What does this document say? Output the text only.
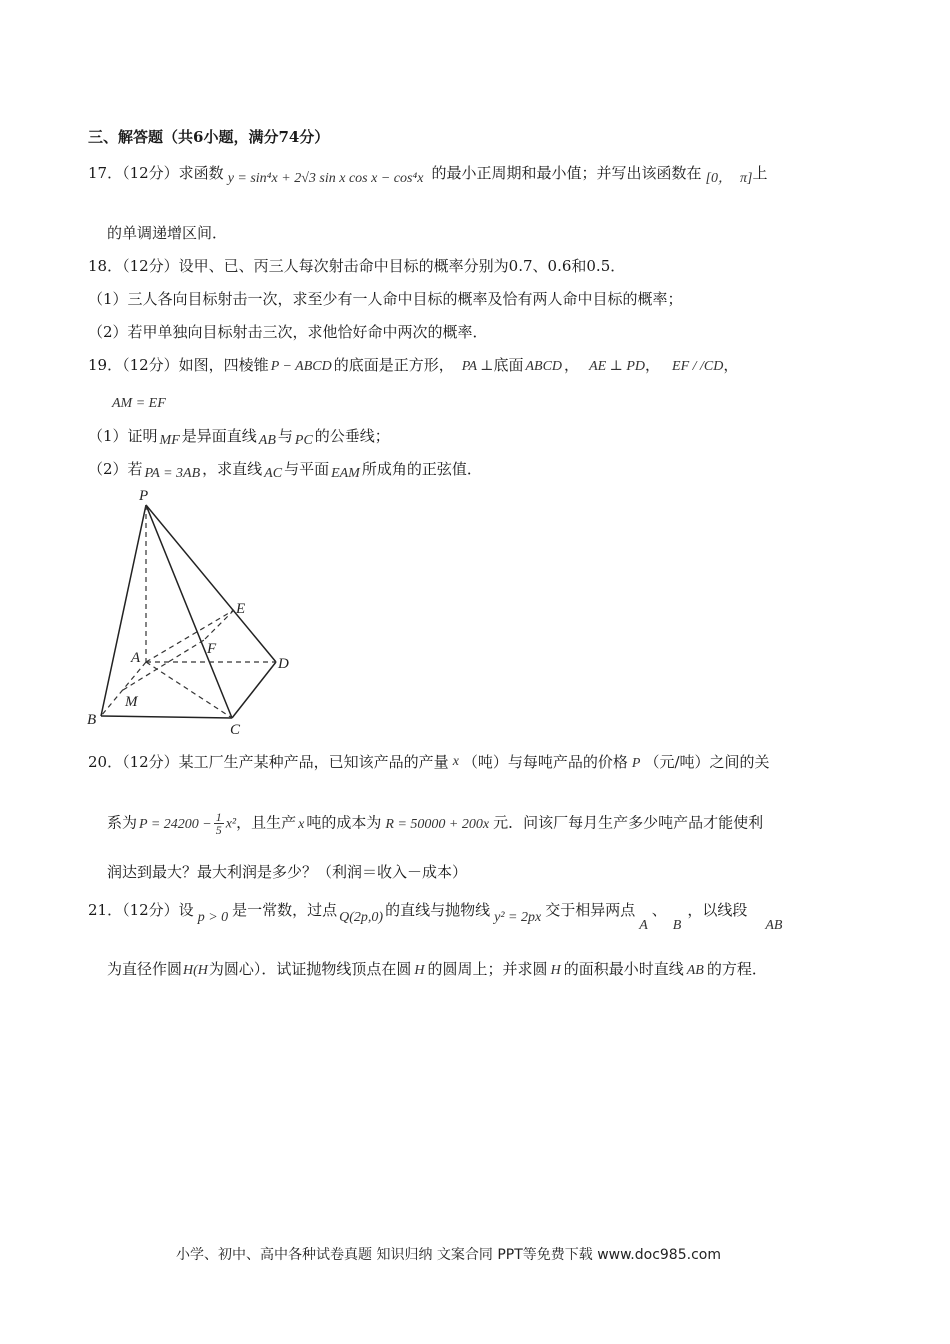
三、解答题（共6小题，满分74分）
17．（12分）求函数 y = sin⁴x + 2√3 sin x cos x − cos⁴x 的最小正周期和最小值；并写出该函数在 [0， π]上
的单调递增区间．
18．（12分）设甲、已、丙三人每次射击命中目标的概率分别为0.7、0.6和0.5．
（1）三人各向目标射击一次，求至少有一人命中目标的概率及恰有两人命中目标的概率；
（2）若甲单独向目标射击三次，求他恰好命中两次的概率．
19．（12分）如图，四棱锥 P − ABCD 的底面是正方形， PA ⊥底面 ABCD ， AE ⊥ PD， EF / /CD，
AM = EF
（1）证明 MF 是异面直线 AB 与 PC 的公垂线；
（2）若 PA = 3AB ，求直线 AC 与平面 EAM 所成角的正弦值．
P
E
F
A	D
M
B
C
20．（12分）某工厂生产某种产品，已知该产品的产量 x （吨）与每吨产品的价格 P （元/吨）之间的关
系为 $P = 24200 - \frac{1}{5} x^2$，且生产 x 吨的成本为 R = 50000 + 200x 元．问该厂每月生产多少吨产品才能使利
润达到最大？最大利润是多少？（利润＝收入－成本）
21．（12分）设 p > 0 是一常数，过点 Q(2p,0) 的直线与抛物线 y² = 2px 交于相异两点A、B，以线段AB
为直径作圆H(H为圆心）．试证抛物线顶点在圆 H 的圆周上；并求圆 H 的面积最小时直线 AB 的方程．
小学、初中、高中各种试卷真题 知识归纳 文案合同 PPT等免费下载 www.doc985.com
